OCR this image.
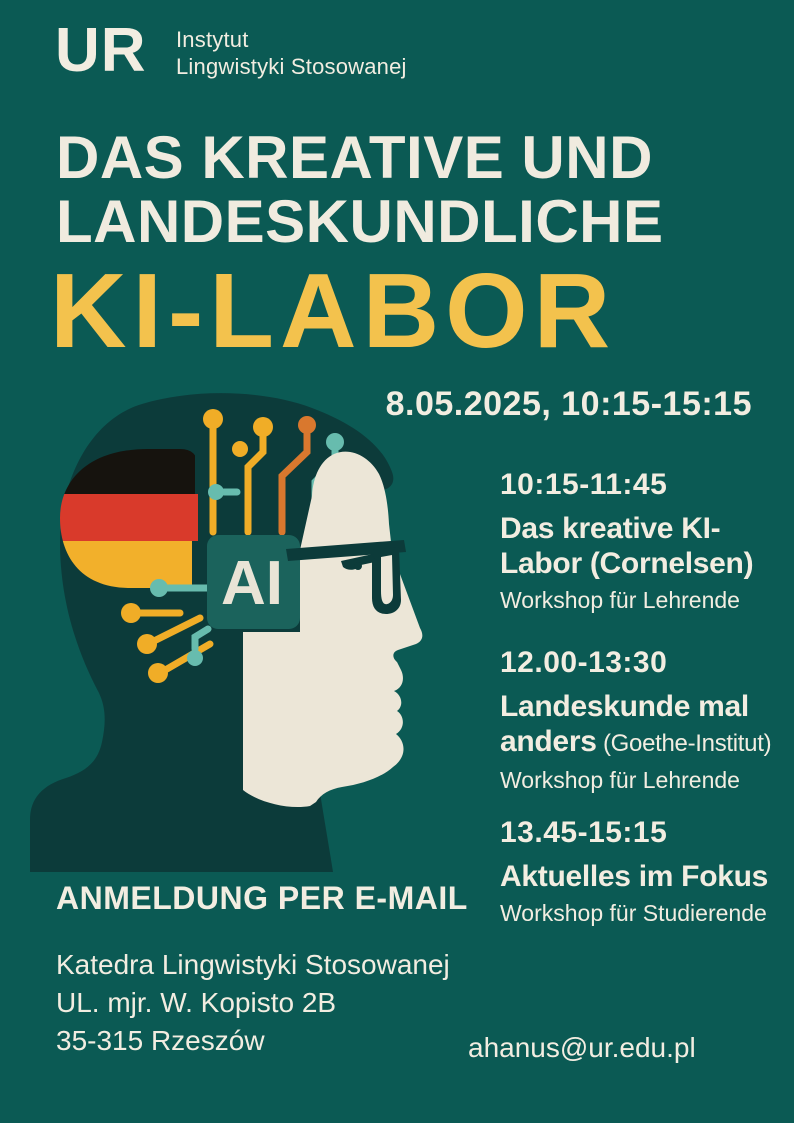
UR Instytut
Lingwistyki Stosowanej
DAS KREATIVE UND
LANDESKUNDLICHE
KI-LABOR
8.05.2025, 10:15-15:15
AI
10:15-11:45
Das kreative KI-
Labor (Cornelsen)
Workshop für Lehrende
12.00-13:30
Landeskunde mal
anders (Goethe-Institut)
Workshop für Lehrende
13.45-15:15
Aktuelles im Fokus
Workshop für Studierende
ANMELDUNG PER E-MAIL
Katedra Lingwistyki Stosowanej
UL. mjr. W. Kopisto 2B
35-315 Rzeszów	ahanus@ur.edu.pl
